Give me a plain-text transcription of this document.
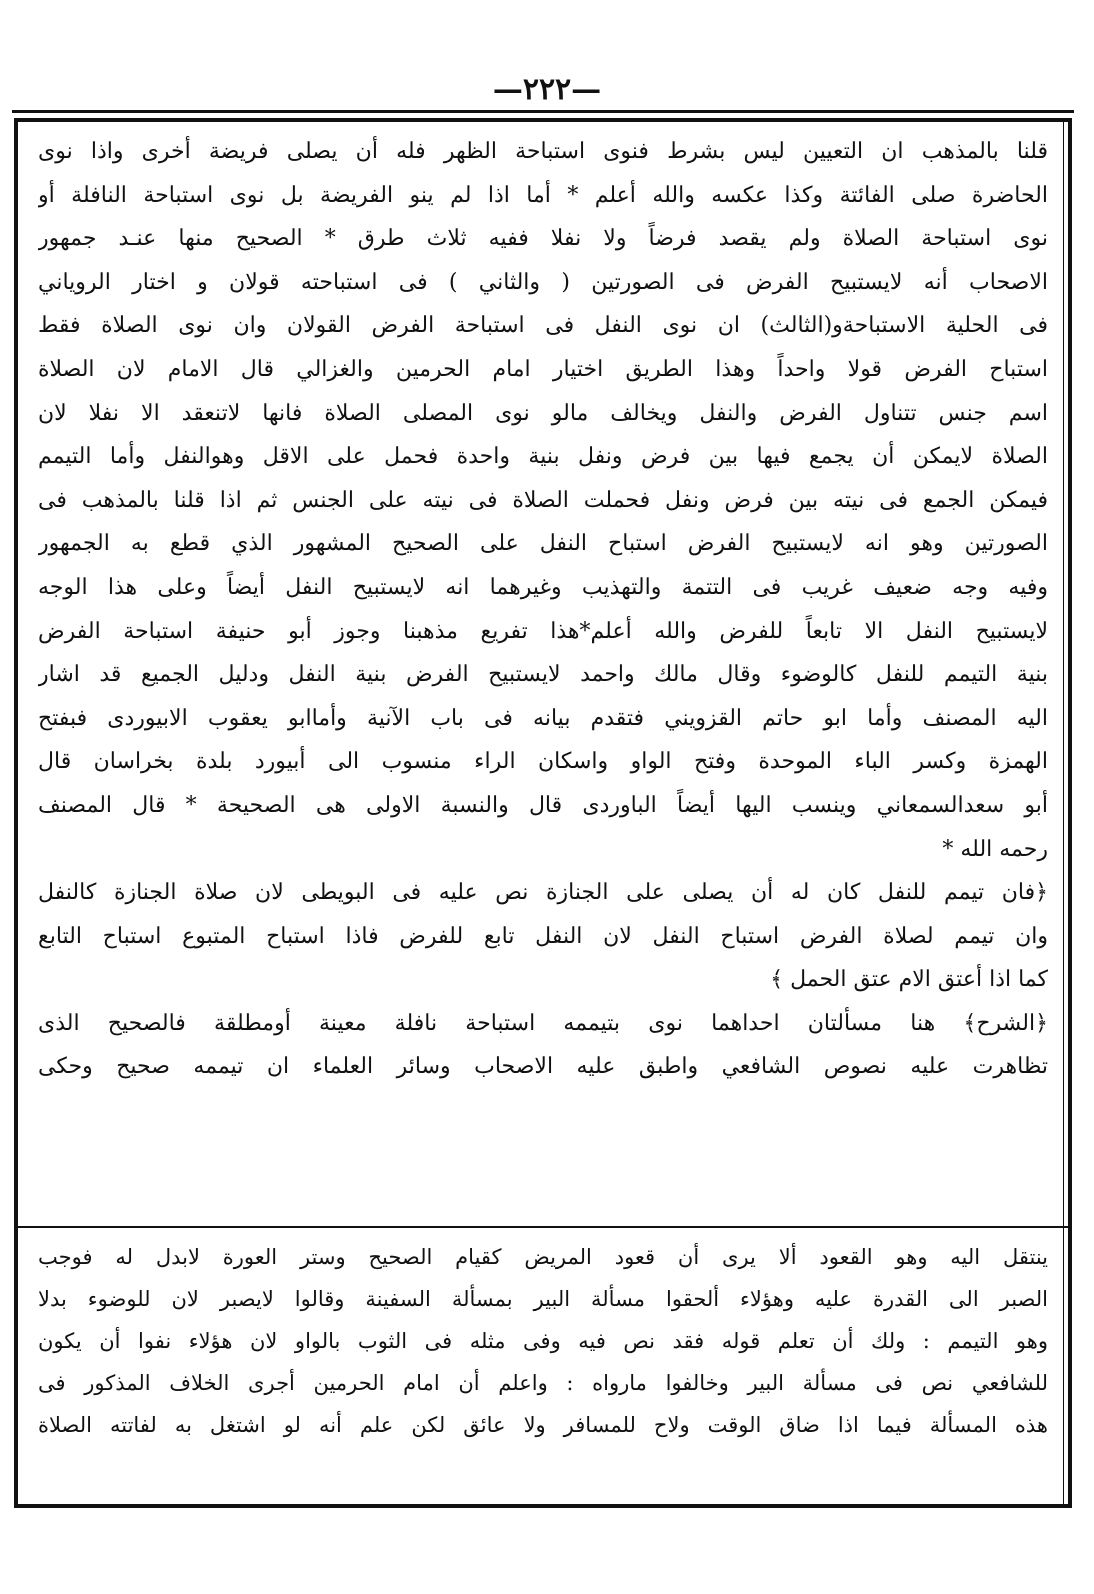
—٢٢٢—
قلنا بالمذهب ان التعيين ليس بشرط فنوى استباحة الظهر فله أن يصلى فريضة أخرى واذا نوى
الحاضرة صلى الفائتة وكذا عكسه والله أعلم * أما اذا لم ينو الفريضة بل نوى استباحة النافلة أو
نوى استباحة الصلاة ولم يقصد فرضاً ولا نفلا ففيه ثلاث طرق * الصحيح منها عنـد جمهور
الاصحاب أنه لايستبيح الفرض فى الصورتين ( والثاني ) فى استباحته قولان و اختار الروياني
فى الحلية الاستباحةو(الثالث) ان نوى النفل فى استباحة الفرض القولان وان نوى الصلاة فقط
استباح الفرض قولا واحداً وهذا الطريق اختيار امام الحرمين والغزالي قال الامام لان الصلاة
اسم جنس تتناول الفرض والنفل ويخالف مالو نوى المصلى الصلاة فانها لاتنعقد الا نفلا لان
الصلاة لايمكن أن يجمع فيها بين فرض ونفل بنية واحدة فحمل على الاقل وهوالنفل وأما التيمم
فيمكن الجمع فى نيته بين فرض ونفل فحملت الصلاة فى نيته على الجنس ثم اذا قلنا بالمذهب فى
الصورتين وهو انه لايستبيح الفرض استباح النفل على الصحيح المشهور الذي قطع به الجمهور
وفيه وجه ضعيف غريب فى التتمة والتهذيب وغيرهما انه لايستبيح النفل أيضاً وعلى هذا الوجه
لايستبيح النفل الا تابعاً للفرض والله أعلم*هذا تفريع مذهبنا وجوز أبو حنيفة استباحة الفرض
بنية التيمم للنفل كالوضوء وقال مالك واحمد لايستبيح الفرض بنية النفل ودليل الجميع قد اشار
اليه المصنف وأما ابو حاتم القزويني فتقدم بيانه فى باب الآنية وأماابو يعقوب الابيوردى فبفتح
الهمزة وكسر الباء الموحدة وفتح الواو واسكان الراء منسوب الى أبيورد بلدة بخراسان قال
أبو سعدالسمعاني وينسب اليها أيضاً الباوردى قال والنسبة الاولى هى الصحيحة * قال المصنف
رحمه الله *
﴿فان تيمم للنفل كان له أن يصلى على الجنازة نص عليه فى البويطى لان صلاة الجنازة كالنفل
وان تيمم لصلاة الفرض استباح النفل لان النفل تابع للفرض فاذا استباح المتبوع استباح التابع
كما اذا أعتق الام عتق الحمل ﴾
﴿الشرح﴾ هنا مسألتان احداهما نوى بتيممه استباحة نافلة معينة أومطلقة فالصحيح الذى
تظاهرت عليه نصوص الشافعي واطبق عليه الاصحاب وسائر العلماء ان تيممه صحيح وحكى
ينتقل اليه وهو القعود ألا يرى أن قعود المريض كقيام الصحيح وستر العورة لابدل له فوجب
الصبر الى القدرة عليه وهؤلاء ألحقوا مسألة البير بمسألة السفينة وقالوا لايصبر لان للوضوء بدلا
وهو التيمم : ولك أن تعلم قوله فقد نص فيه وفى مثله فى الثوب بالواو لان هؤلاء نفوا أن يكون
للشافعي نص فى مسألة البير وخالفوا مارواه : واعلم أن امام الحرمين أجرى الخلاف المذكور فى
هذه المسألة فيما اذا ضاق الوقت ولاح للمسافر ولا عائق لكن علم أنه لو اشتغل به لفاتته الصلاة
